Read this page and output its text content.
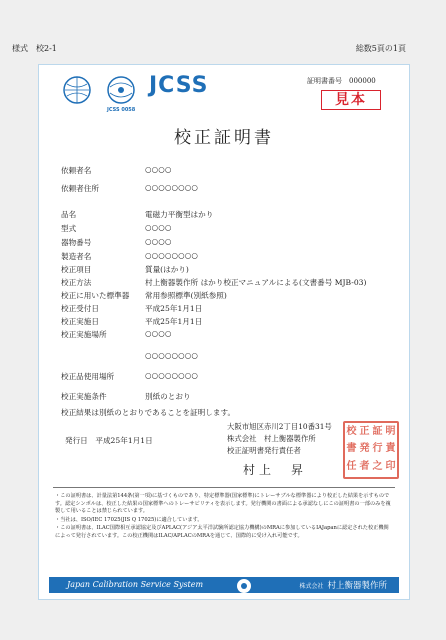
様式　校2-1	総数5頁の1頁
JCSS
JCSS 0058
証明書番号　000000
見本
校正証明書
依頼者名	○○○○
依頼者住所	○○○○○○○○
品名	電磁力平衡型はかり
型式	○○○○
器物番号	○○○○
製造者名	○○○○○○○○
校正項目	質量(はかり)
校正方法	村上衡器製作所 はかり校正マニュアルによる(文書番号 MJB-03)
校正に用いた標準器 常用参照標準(別紙参照)
校正受付日	平成25年1月1日
校正実施日	平成25年1月1日
校正実施場所	○○○○
○○○○○○○○
校正品使用場所	○○○○○○○○
校正実施条件	別紙のとおり
校正結果は別紙のとおりであることを証明します。
大阪市旭区赤川2丁目10番31号
株式会社　村上衡器製作所
校正証明書発行責任者
発行日　平成25年1月1日
村上　昇
校 正 証 明
書 発 行 責
任 者 之 印

・この証明書は、計量法第144条(第一項)に基づくものであり、特定標準器(国家標準)にトレーサブルな標準器により校正した結果を示すものです。認定シンボルは、校正した結果の国家標準へのトレーサビリティを表示します。発行機関の書面による承認なしにこの証明書の一部のみを複製して用いることは禁じられています。

・当社は、ISO/IEC 17025(JIS Q 17025)に適合しています。

・この証明書は、ILAC国際相互承認協定及びAPLAC(アジア太平洋試験所認定協力機構)のMRAに参加しているIAJapanに認定された校正機関によって発行されています。この校正機関はILAC/APLACのMRAを通じて、国際的に受け入れ可能です。

Japan Calibration Service System	株式会社 村上衡器製作所
